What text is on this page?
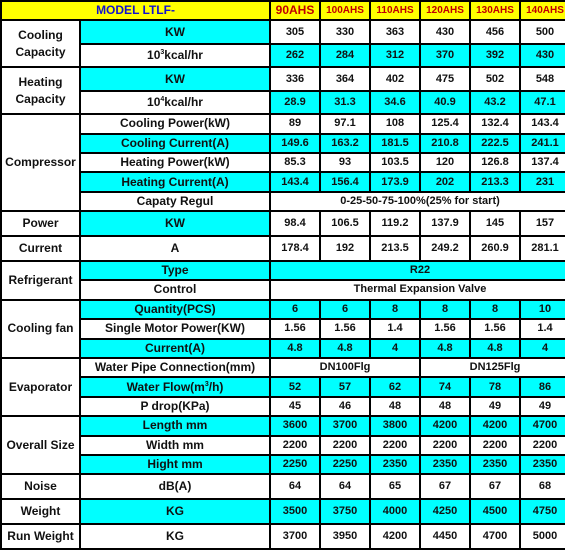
MODEL LTLF-		90AHS	100AHS	110AHS	120AHS	130AHS	140AHS
Cooling Capacity	KW	305	330	363	430	456	500
	$10^3kcal/hr$	262	284	312	370	392	430
Heating Capacity	KW	336	364	402	475	502	548
	$10^4kcal/hr$	28.9	31.3	34.6	40.9	43.2	47.1
Compressor	Cooling Power(kW)	89	97.1	108	125.4	132.4	143.4
	Cooling Current(A)	149.6	163.2	181.5	210.8	222.5	241.1
	Heating Power(kW)	85.3	93	103.5	120	126.8	137.4
	Heating Current(A)	143.4	156.4	173.9	202	213.3	231
	Capaty Regul	0-25-50-75-100%(25% for start)					
Power	KW	98.4	106.5	119.2	137.9	145	157
Current	A	178.4	192	213.5	249.2	260.9	281.1
Refrigerant	Type	R22					
	Control	Thermal Expansion Valve					
Cooling fan	Quantity(PCS)	6	6	8	8	8	10
	Single Motor Power(KW)	1.56	1.56	1.4	1.56	1.56	1.4
	Current(A)	4.8	4.8	4	4.8	4.8	4
Evaporator	Water Pipe Connection(mm)	DN100Flg			DN125Flg		
	Water $Flow(m^3/h)$	52	57	62	74	78	86
	P drop(KPa)	45	46	48	48	49	49
Overall Size	Length mm	3600	3700	3800	4200	4200	4700
	Width mm	2200	2200	2200	2200	2200	2200
	Hight mm	2250	2250	2350	2350	2350	2350
Noise	dB(A)	64	64	65	67	67	68
Weight	KG	3500	3750	4000	4250	4500	4750
Run Weight	KG	3700	3950	4200	4450	4700	5000
